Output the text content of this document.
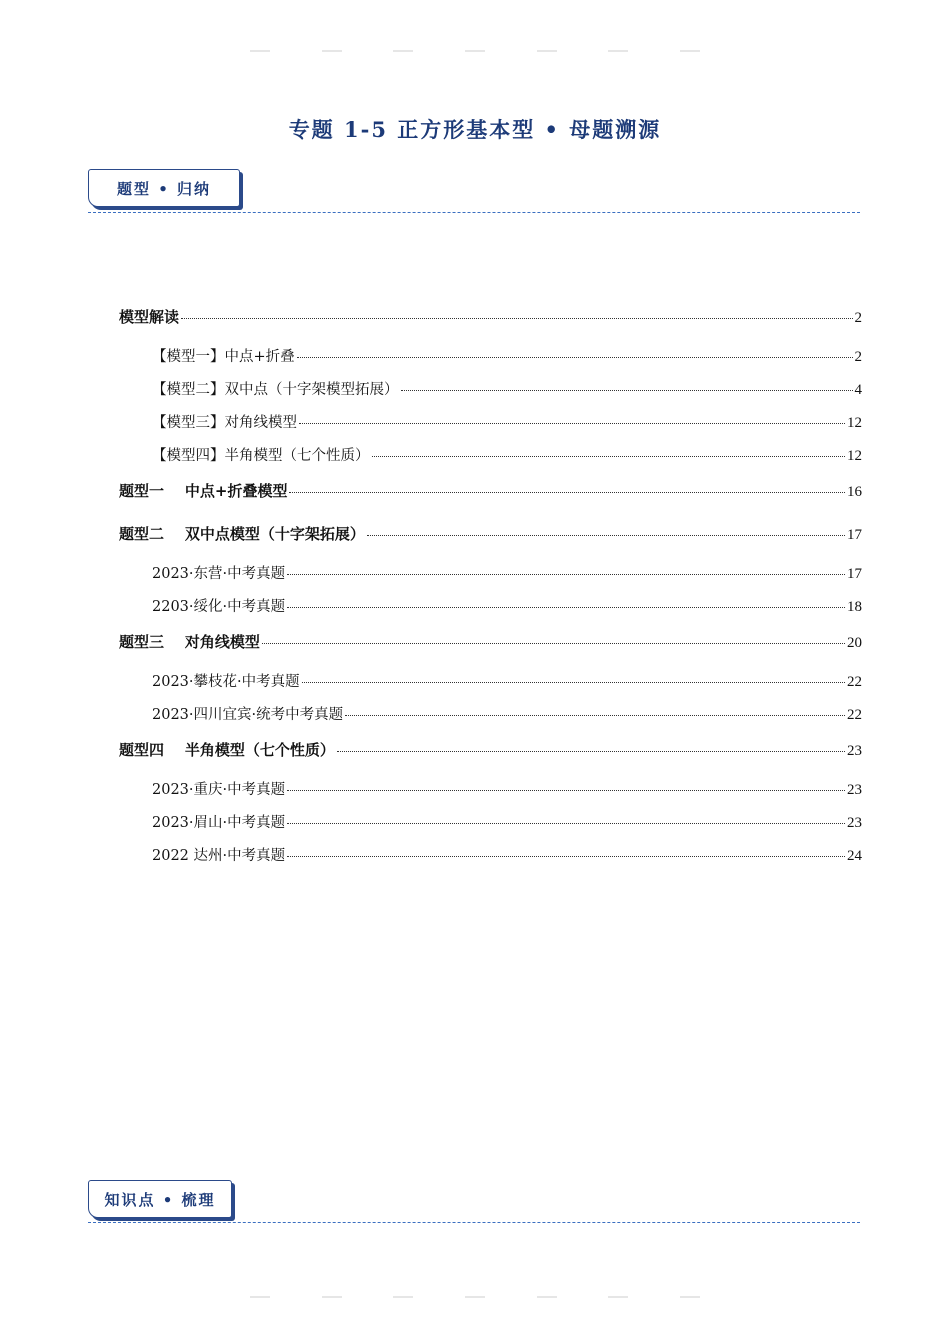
专题 1-5 正方形基本型 • 母题溯源
题型 • 归纳
模型解读	2
【模型一】中点+折叠	2
【模型二】双中点（十字架模型拓展）	4
【模型三】对角线模型	12
【模型四】半角模型（七个性质）	12
题型一    中点+折叠模型	16
题型二    双中点模型（十字架拓展）	17
2023·东营·中考真题	17
2203·绥化·中考真题	18
题型三    对角线模型	20
2023·攀枝花·中考真题	22
2023·四川宜宾·统考中考真题	22
题型四    半角模型（七个性质）	23
2023·重庆·中考真题	23
2023·眉山·中考真题	23
2022 达州·中考真题	24
知识点 • 梳理
